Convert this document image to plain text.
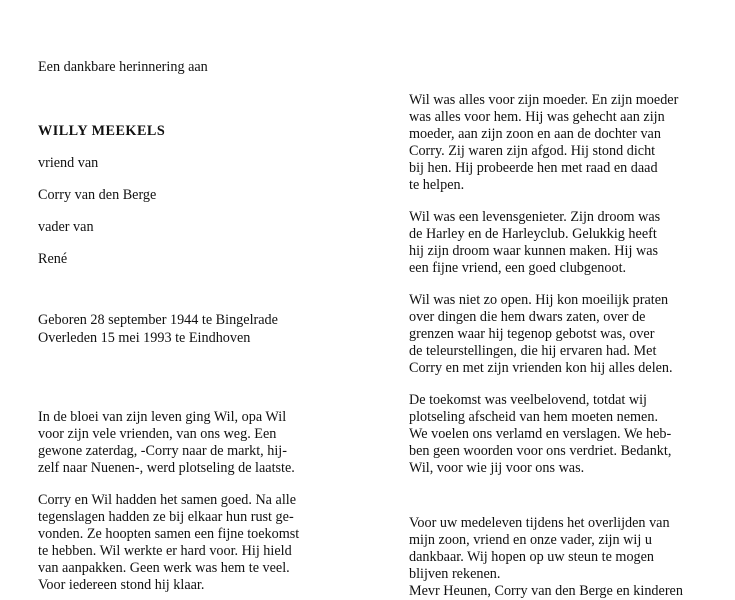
Een dankbare herinnering aan
WILLY MEEKELS
vriend van
Corry van den Berge
vader van
René
Geboren 28 september 1944 te Bingelrade
Overleden 15 mei 1993 te Eindhoven
In de bloei van zijn leven ging Wil, opa Wil
voor zijn vele vrienden, van ons weg. Een
gewone zaterdag, -Corry naar de markt, hij-
zelf naar Nuenen-, werd plotseling de laatste.
Corry en Wil hadden het samen goed. Na alle
tegenslagen hadden ze bij elkaar hun rust ge-
vonden. Ze hoopten samen een fijne toekomst
te hebben. Wil werkte er hard voor. Hij hield
van aanpakken. Geen werk was hem te veel.
Voor iedereen stond hij klaar.
Wil was alles voor zijn moeder. En zijn moeder
was alles voor hem. Hij was gehecht aan zijn
moeder, aan zijn zoon en aan de dochter van
Corry. Zij waren zijn afgod. Hij stond dicht
bij hen. Hij probeerde hen met raad en daad
te helpen.
Wil was een levensgenieter. Zijn droom was
de Harley en de Harleyclub. Gelukkig heeft
hij zijn droom waar kunnen maken. Hij was
een fijne vriend, een goed clubgenoot.
Wil was niet zo open. Hij kon moeilijk praten
over dingen die hem dwars zaten, over de
grenzen waar hij tegenop gebotst was, over
de teleurstellingen, die hij ervaren had. Met
Corry en met zijn vrienden kon hij alles delen.
De toekomst was veelbelovend, totdat wij
plotseling afscheid van hem moeten nemen.
We voelen ons verlamd en verslagen. We heb-
ben geen woorden voor ons verdriet. Bedankt,
Wil, voor wie jij voor ons was.
Voor uw medeleven tijdens het overlijden van
mijn zoon, vriend en onze vader, zijn wij u
dankbaar. Wij hopen op uw steun te mogen
blijven rekenen.
Mevr Heunen, Corry van den Berge en kinderen
